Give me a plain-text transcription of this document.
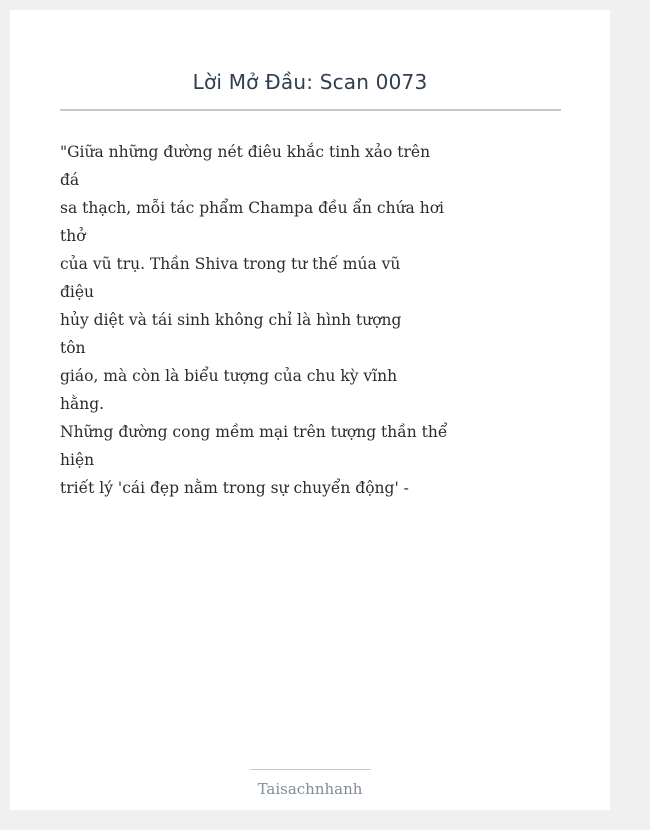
Lời Mở Đầu: Scan 0073
"Giữa những đường nét điêu khắc tinh xảo trên
đá
sa thạch, mỗi tác phẩm Champa đều ẩn chứa hơi
thở
của vũ trụ. Thần Shiva trong tư thế múa vũ
điệu
hủy diệt và tái sinh không chỉ là hình tượng
tôn
giáo, mà còn là biểu tượng của chu kỳ vĩnh
hằng.
Những đường cong mềm mại trên tượng thần thể
hiện
triết lý 'cái đẹp nằm trong sự chuyển động' -
Taisachnhanh
